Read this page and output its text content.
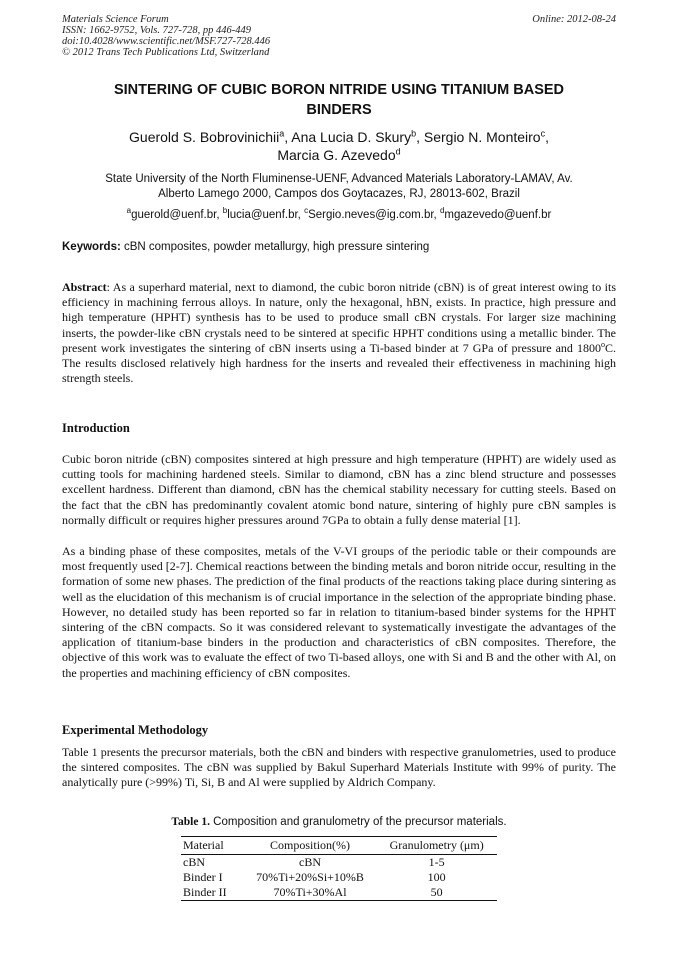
Materials Science Forum
ISSN: 1662-9752, Vols. 727-728, pp 446-449
doi:10.4028/www.scientific.net/MSF.727-728.446
© 2012 Trans Tech Publications Ltd, Switzerland
Online: 2012-08-24
SINTERING OF CUBIC BORON NITRIDE USING TITANIUM BASED
BINDERS
Guerold S. Bobrovinichii$^a$, Ana Lucia D. Skury$^b$, Sergio N. Monteiro$^c$,
Marcia G. Azevedo$^d$
State University of the North Fluminense-UENF, Advanced Materials Laboratory-LAMAV, Av.
Alberto Lamego 2000, Campos dos Goytacazes, RJ, 28013-602, Brazil
$^a$guerold@uenf.br, $^b$lucia@uenf.br, $^c$Sergio.neves@ig.com.br, $^d$mgazevedo@uenf.br
Keywords: cBN composites, powder metallurgy, high pressure sintering
Abstract: As a superhard material, next to diamond, the cubic boron nitride (cBN) is of great interest owing to its efficiency in machining ferrous alloys. In nature, only the hexagonal, hBN, exists. In practice, high pressure and high temperature (HPHT) synthesis has to be used to produce small cBN crystals. For larger size machining inserts, the powder-like cBN crystals need to be sintered at specific HPHT conditions using a metallic binder. The present work investigates the sintering of cBN inserts using a Ti-based binder at 7 GPa of pressure and 1800$^o$C. The results disclosed relatively high hardness for the inserts and revealed their effectiveness in machining high strength steels.
Introduction
Cubic boron nitride (cBN) composites sintered at high pressure and high temperature (HPHT) are widely used as cutting tools for machining hardened steels. Similar to diamond, cBN has a zinc blend structure and possesses excellent hardness. Different than diamond, cBN has the chemical stability necessary for cutting steels. Based on the fact that the cBN has predominantly covalent atomic bond nature, sintering of highly pure cBN samples is normally difficult or requires higher pressures around 7GPa to obtain a fully dense material [1].
As a binding phase of these composites, metals of the V-VI groups of the periodic table or their compounds are most frequently used [2-7]. Chemical reactions between the binding metals and boron nitride occur, resulting in the formation of some new phases. The prediction of the final products of the reactions taking place during sintering as well as the elucidation of this mechanism is of crucial importance in the selection of the appropriate binding phase. However, no detailed study has been reported so far in relation to titanium-based binder systems for the HPHT sintering of the cBN compacts. So it was considered relevant to systematically investigate the advantages of the application of titanium-base binders in the production and characteristics of cBN composites. Therefore, the objective of this work was to evaluate the effect of two Ti-based alloys, one with Si and B and the other with Al, on the properties and machining efficiency of cBN composites.
Experimental Methodology
Table 1 presents the precursor materials, both the cBN and binders with respective granulometries, used to produce the sintered composites. The cBN was supplied by Bakul Superhard Materials Institute with 99% of purity. The analytically pure (>99%) Ti, Si, B and Al were supplied by Aldrich Company.
Table 1. Composition and granulometry of the precursor materials.
Material	Composition(%)	Granulometry (μm)
cBN	cBN	1-5
Binder I	70%Ti+20%Si+10%B	100
Binder II	70%Ti+30%Al	50
